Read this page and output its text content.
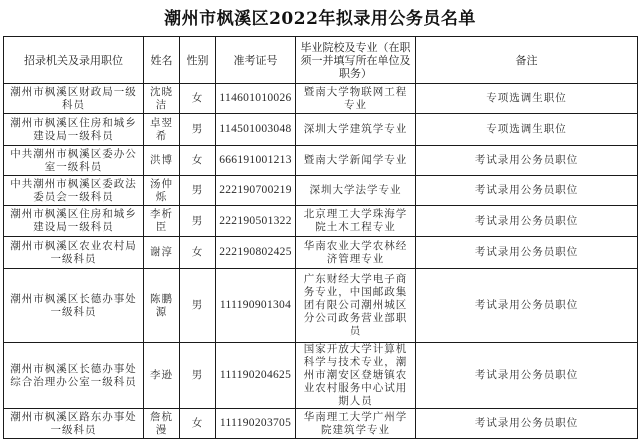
潮州市枫溪区2022年拟录用公务员名单
招录机关及录用职位	姓名	性别	准考证号	毕业院校及专业（在职须一并填写所在单位及职务）	备注
潮州市枫溪区财政局一级科员	沈晓洁	女	114601010026	暨南大学物联网工程专业	专项选调生职位
潮州市枫溪区住房和城乡建设局一级科员	卓翌希	男	114501003048	深圳大学建筑学专业	专项选调生职位
中共潮州市枫溪区委办公室一级科员	洪博	女	666191001213	暨南大学新闻学专业	考试录用公务员职位
中共潮州市枫溪区委政法委员会一级科员	汤仲烁	男	222190700219	深圳大学法学专业	考试录用公务员职位
潮州市枫溪区住房和城乡建设局一级科员	李析臣	男	222190501322	北京理工大学珠海学院土木工程专业	考试录用公务员职位
潮州市枫溪区农业农村局一级科员	谢淳	女	222190802425	华南农业大学农林经济管理专业	考试录用公务员职位
潮州市枫溪区长德办事处一级科员	陈鹏源	男	111190901304	广东财经大学电子商务专业，中国邮政集团有限公司潮州城区分公司政务营业部职员	考试录用公务员职位
潮州市枫溪区长德办事处综合治理办公室一级科员	李逊	男	111190204625	国家开放大学计算机科学与技术专业，潮州市潮安区登塘镇农业农村服务中心试用期人员	考试录用公务员职位
潮州市枫溪区路东办事处一级科员	詹杭漫	女	111190203705	华南理工大学广州学院建筑学专业	考试录用公务员职位
